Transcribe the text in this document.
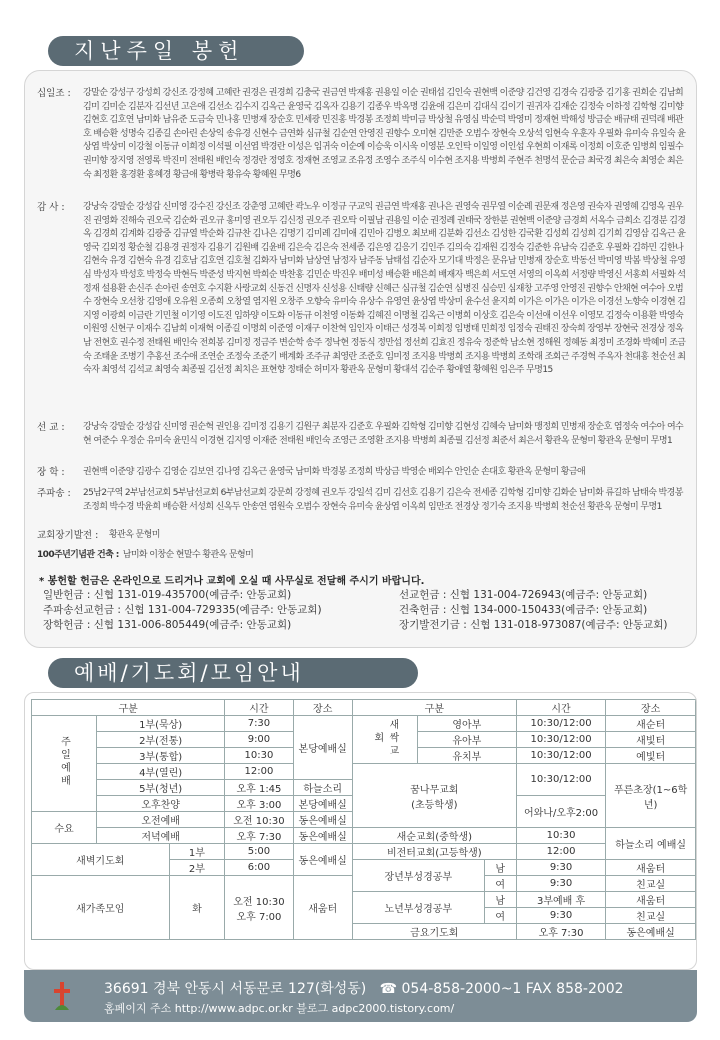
지난주일 봉헌
십일조 :	강말순 강성구 강성희 강신조 강정혜 고혜란 권경은 권경희 김충국 권금연 박재홍 권용일 이순 권태섭 김인숙 권현백 이준양 김건영 김경숙 김광중 김기홍 권희순 김남희 김미 김미순 김분자 김선년 고은애 김선소 김수지 김옥근 윤영국 김옥자 김용기 김종우 박옥명 김윤애 김은미 김대식 김이기 권귀자 김재순 김정숙 이하정 김학형 김미향 김현호 김호연 남미화 남유준 도금숙 민나홍 민병재 장순호 민세광 민진홍 박경봉 조정희 박미금 박상철 유영심 박순덕 박영미 정재현 박해성 방금순 배규태 권덕래 배관호 배승환 성명숙 김종길 손아린 손상익 송유경 신현수 금연화 심규철 김순연 안영진 권향수 오미현 김만준 오범수 장현숙 오상석 임현숙 우훈자 우필화 유미숙 유일숙 윤상엽 박상미 이강철 이동규 이희정 이석필 이선엽 박경란 이성은 임귀숙 이순예 이승욱 이시욱 이영분 오인탁 이일영 이인섭 우현희 이재록 이정희 이호준 임병희 임필수 권미향 장지영 전영록 박진미 전태원 배인숙 정경란 정영호 정재현 조영교 조유정 조영수 조주식 이수현 조지용 박병희 주현주 천명석 문순금 최국경 최은숙 최영순 최은숙 최정환 홍경환 홍혜경 황금애 황병락 황유숙 황혜원 무명6
감 사 :	강낭숙 강말순 강성갑 신미영 강수진 강신조 강춘영 고혜란 곽노우 이정규 구교익 권금연 박재홍 권나은 권영숙 권무열 이순례 권문재 정은영 권숙자 권영혜 김영옥 권우진 권영화 진해숙 권오국 김순화 권오규 홍미영 권오두 김신정 권오주 권오탁 이필남 권용일 이순 권정례 권태국 장한분 권현백 이준양 금경희 서옥수 금희소 김경분 김경옥 김경희 김계화 김광중 김규열 박순화 김규찬 김나은 김명기 김미례 김미애 김민아 김병오 최보배 김분화 김선소 김성한 김국환 김성희 김성희 김기희 김영삼 김옥근 윤영국 김외정 황순철 김용경 권정자 김용기 김원배 김윤배 김은숙 김은숙 전세종 김은영 김응기 김인주 김의숙 김재원 김정숙 김준한 유남숙 김준호 우필화 김하민 김한나 김현숙 유경 김현숙 유경 김호남 김호연 김호철 김화자 남미화 남상연 남정자 남주동 남태섭 김순자 모기대 박정은 문유남 민병재 장순호 박동선 박미영 박봄 박상철 유영심 박성자 박성호 박정숙 박현득 박준성 박지현 박희순 박찬홍 김민순 박진우 배미성 배승환 배은희 배재자 백은희 서도연 서영의 이옥희 서정량 박영신 서홍희 서필화 석정재 설용환 손신주 손아린 송연호 수지환 사랑교회 신동건 신명자 신성용 신태량 신혜근 심규철 김순연 심병진 심승민 심재창 고주영 안영진 권향수 안채현 여수아 오범수 장현숙 오선창 김영애 오유원 오종희 오창열 염지원 오창주 오향숙 유미숙 유상수 유영연 윤상엽 박상미 윤수선 윤지희 이가은 이가은 이가은 이경선 노향숙 이경현 김지영 이광희 이금란 기민철 이기영 이도진 임하양 이도화 이동규 이천영 이동화 김혜진 이명철 김옥근 이병희 이상호 김은숙 이선애 이선우 이영모 김정숙 이용환 박영숙 이원영 신현구 이재수 김남희 이재혁 이종길 이명희 이준영 이재구 이찬혁 임인자 이태근 성경복 이희정 임병태 민희정 임정숙 권태진 장숙희 장영부 장현국 전경상 정옥남 전현호 권수정 전태원 배인숙 전희봉 김미정 정금주 변순학 송주 정낙현 정동식 정만섭 정선희 김효진 정유숙 정준학 남소현 정해원 정혜동 최정미 조경화 박혜미 조금숙 조태윤 조병기 추홍선 조수애 조연순 조정숙 조준기 배계화 조주규 최영란 조준호 임미정 조지용 박병희 조지용 박병희 조학래 조회근 주경혁 주옥자 천대홍 천순선 최숙자 최영석 김석교 최영숙 최종필 김선정 최치은 표현향 정태순 허미자 황관옥 문형미 황대석 김순주 황애열 황혜원 임은주 무명15
선 교 :	강낭숙 강말순 강성갑 신미영 권순혁 권인용 김미정 김용기 김원구 최분자 김준호 우필화 김학형 김미향 김현성 김혜숙 남미화 맹정희 민병재 장순호 염정숙 여수아 여수현 여준수 우정순 유미숙 윤민식 이경현 김지영 이재준 전태원 배인숙 조영근 조영환 조지용 박병희 최종필 김선정 최준서 최은서 황관옥 문형미 황관옥 문형미 무명1
장 학 :	권현백 이준양 김광수 김영순 김보연 김나영 김옥근 윤영국 남미화 박경봉 조정희 박상금 박영순 배외수 안인순 손대호 황관옥 문형미 황금애
주파송 :	25남2구역 2부남선교회 5부남선교회 6부남선교회 강문희 강정혜 권오두 강일석 김미 김선호 김용기 김은숙 전세종 김학형 김미향 김화순 남미화 류길하 남태숙 박경봉 조정희 박수경 박윤희 배승환 서성희 신옥두 안송연 염원숙 오범수 장현숙 유미숙 윤상엽 이옥희 임만조 전경상 정기숙 조지용 박병희 천순선 황관옥 문형미 무명1
교회장기발전 :	황관옥 문형미
100주년기념관 건축 : 남미화 이창순 현말수 황관옥 문형미
* 봉헌할 헌금은 온라인으로 드리거나 교회에 오실 때 사무실로 전달해 주시기 바랍니다.
일반헌금 : 신협 131-019-435700(예금주: 안동교회)	선교헌금 : 신협 131-004-726943(예금주: 안동교회)
주파송선교헌금 : 신협 131-004-729335(예금주: 안동교회)	건축헌금 : 신협 134-000-150433(예금주: 안동교회)
장학헌금 : 신협 131-006-805449(예금주: 안동교회)	장기발전기금 : 신협 131-018-973087(예금주: 안동교회)
예배/기도회/모임안내
구분			시간	장소	구분			시간	장소
주일예배	1부(묵상)		7:30	본당예배실	새싹교회	영아부		10:30/12:00	새순터
	2부(전통)		9:00			유아부		10:30/12:00	새빛터
	3부(통합)		10:30			유치부		10:30/12:00	예빛터
	4부(열린)		12:00		꿈나무교회
(초등학생)			10:30/12:00	푸른초장(1~6학년)
	5부(청년)		오후 1:45	하늘소리					
	오후찬양		오후 3:00	본당예배실				어와나/오후2:00	
수요	오전예배		오전 10:30	동은예배실					
	저녁예배		오후 7:30	동은예배실	새순교회(중학생)			10:30	하늘소리 예배실
새벽기도회		1부	5:00	동은예배실	비전터교회(고등학생)			12:00	
		2부	6:00		장년부성경공부		남	9:30	새움터
새가족모임		화	오전 10:30
오후 7:00	새움터			여	9:30	친교실
					노년부성경공부		남	3부예배 후	새움터
							여	9:30	친교실
					금요기도회			오후 7:30	동은예배실
36691 경북 안동시 서동문로 127(화성동) ☎ 054-858-2000~1 FAX 858-2002
홈페이지 주소 http://www.adpc.or.kr 블로그 adpc2000.tistory.com/
